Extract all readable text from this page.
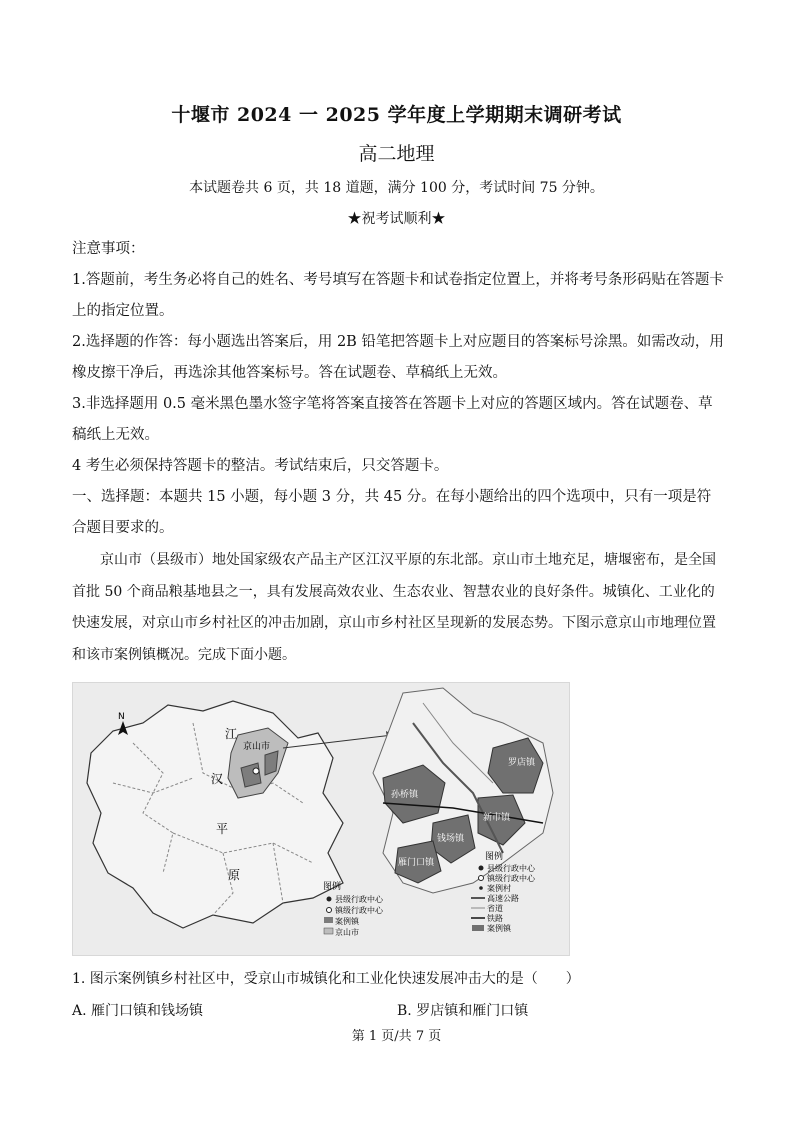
十堰市 2024 一 2025 学年度上学期期末调研考试
高二地理
本试题卷共 6 页，共 18 道题，满分 100 分，考试时间 75 分钟。
★祝考试顺利★
注意事项：
1.答题前，考生务必将自己的姓名、考号填写在答题卡和试卷指定位置上，并将考号条形码贴在答题卡上的指定位置。
2.选择题的作答：每小题选出答案后，用 2B 铅笔把答题卡上对应题目的答案标号涂黑。如需改动，用橡皮擦干净后，再选涂其他答案标号。答在试题卷、草稿纸上无效。
3.非选择题用 0.5 毫米黑色墨水签字笔将答案直接答在答题卡上对应的答题区域内。答在试题卷、草稿纸上无效。
4 考生必须保持答题卡的整洁。考试结束后，只交答题卡。
一、选择题：本题共 15 小题，每小题 3 分，共 45 分。在每小题给出的四个选项中，只有一项是符合题目要求的。
京山市（县级市）地处国家级农产品主产区江汉平原的东北部。京山市土地充足，塘堰密布，是全国首批 50 个商品粮基地县之一，具有发展高效农业、生态农业、智慧农业的良好条件。城镇化、工业化的快速发展，对京山市乡村社区的冲击加剧，京山市乡村社区呈现新的发展态势。下图示意京山市地理位置和该市案例镇概况。完成下面小题。
N
江
汉
平
原
京山市
罗店镇
孙桥镇
新市镇
钱场镇
雁门口镇
图例
县级行政中心
镇级行政中心
案例镇
京山市
图例
县级行政中心
镇级行政中心
案例村
高速公路
省道
铁路
案例镇
1. 图示案例镇乡村社区中，受京山市城镇化和工业化快速发展冲击大的是（　　）
A. 雁门口镇和钱场镇	B. 罗店镇和雁门口镇
第 1 页/共 7 页
